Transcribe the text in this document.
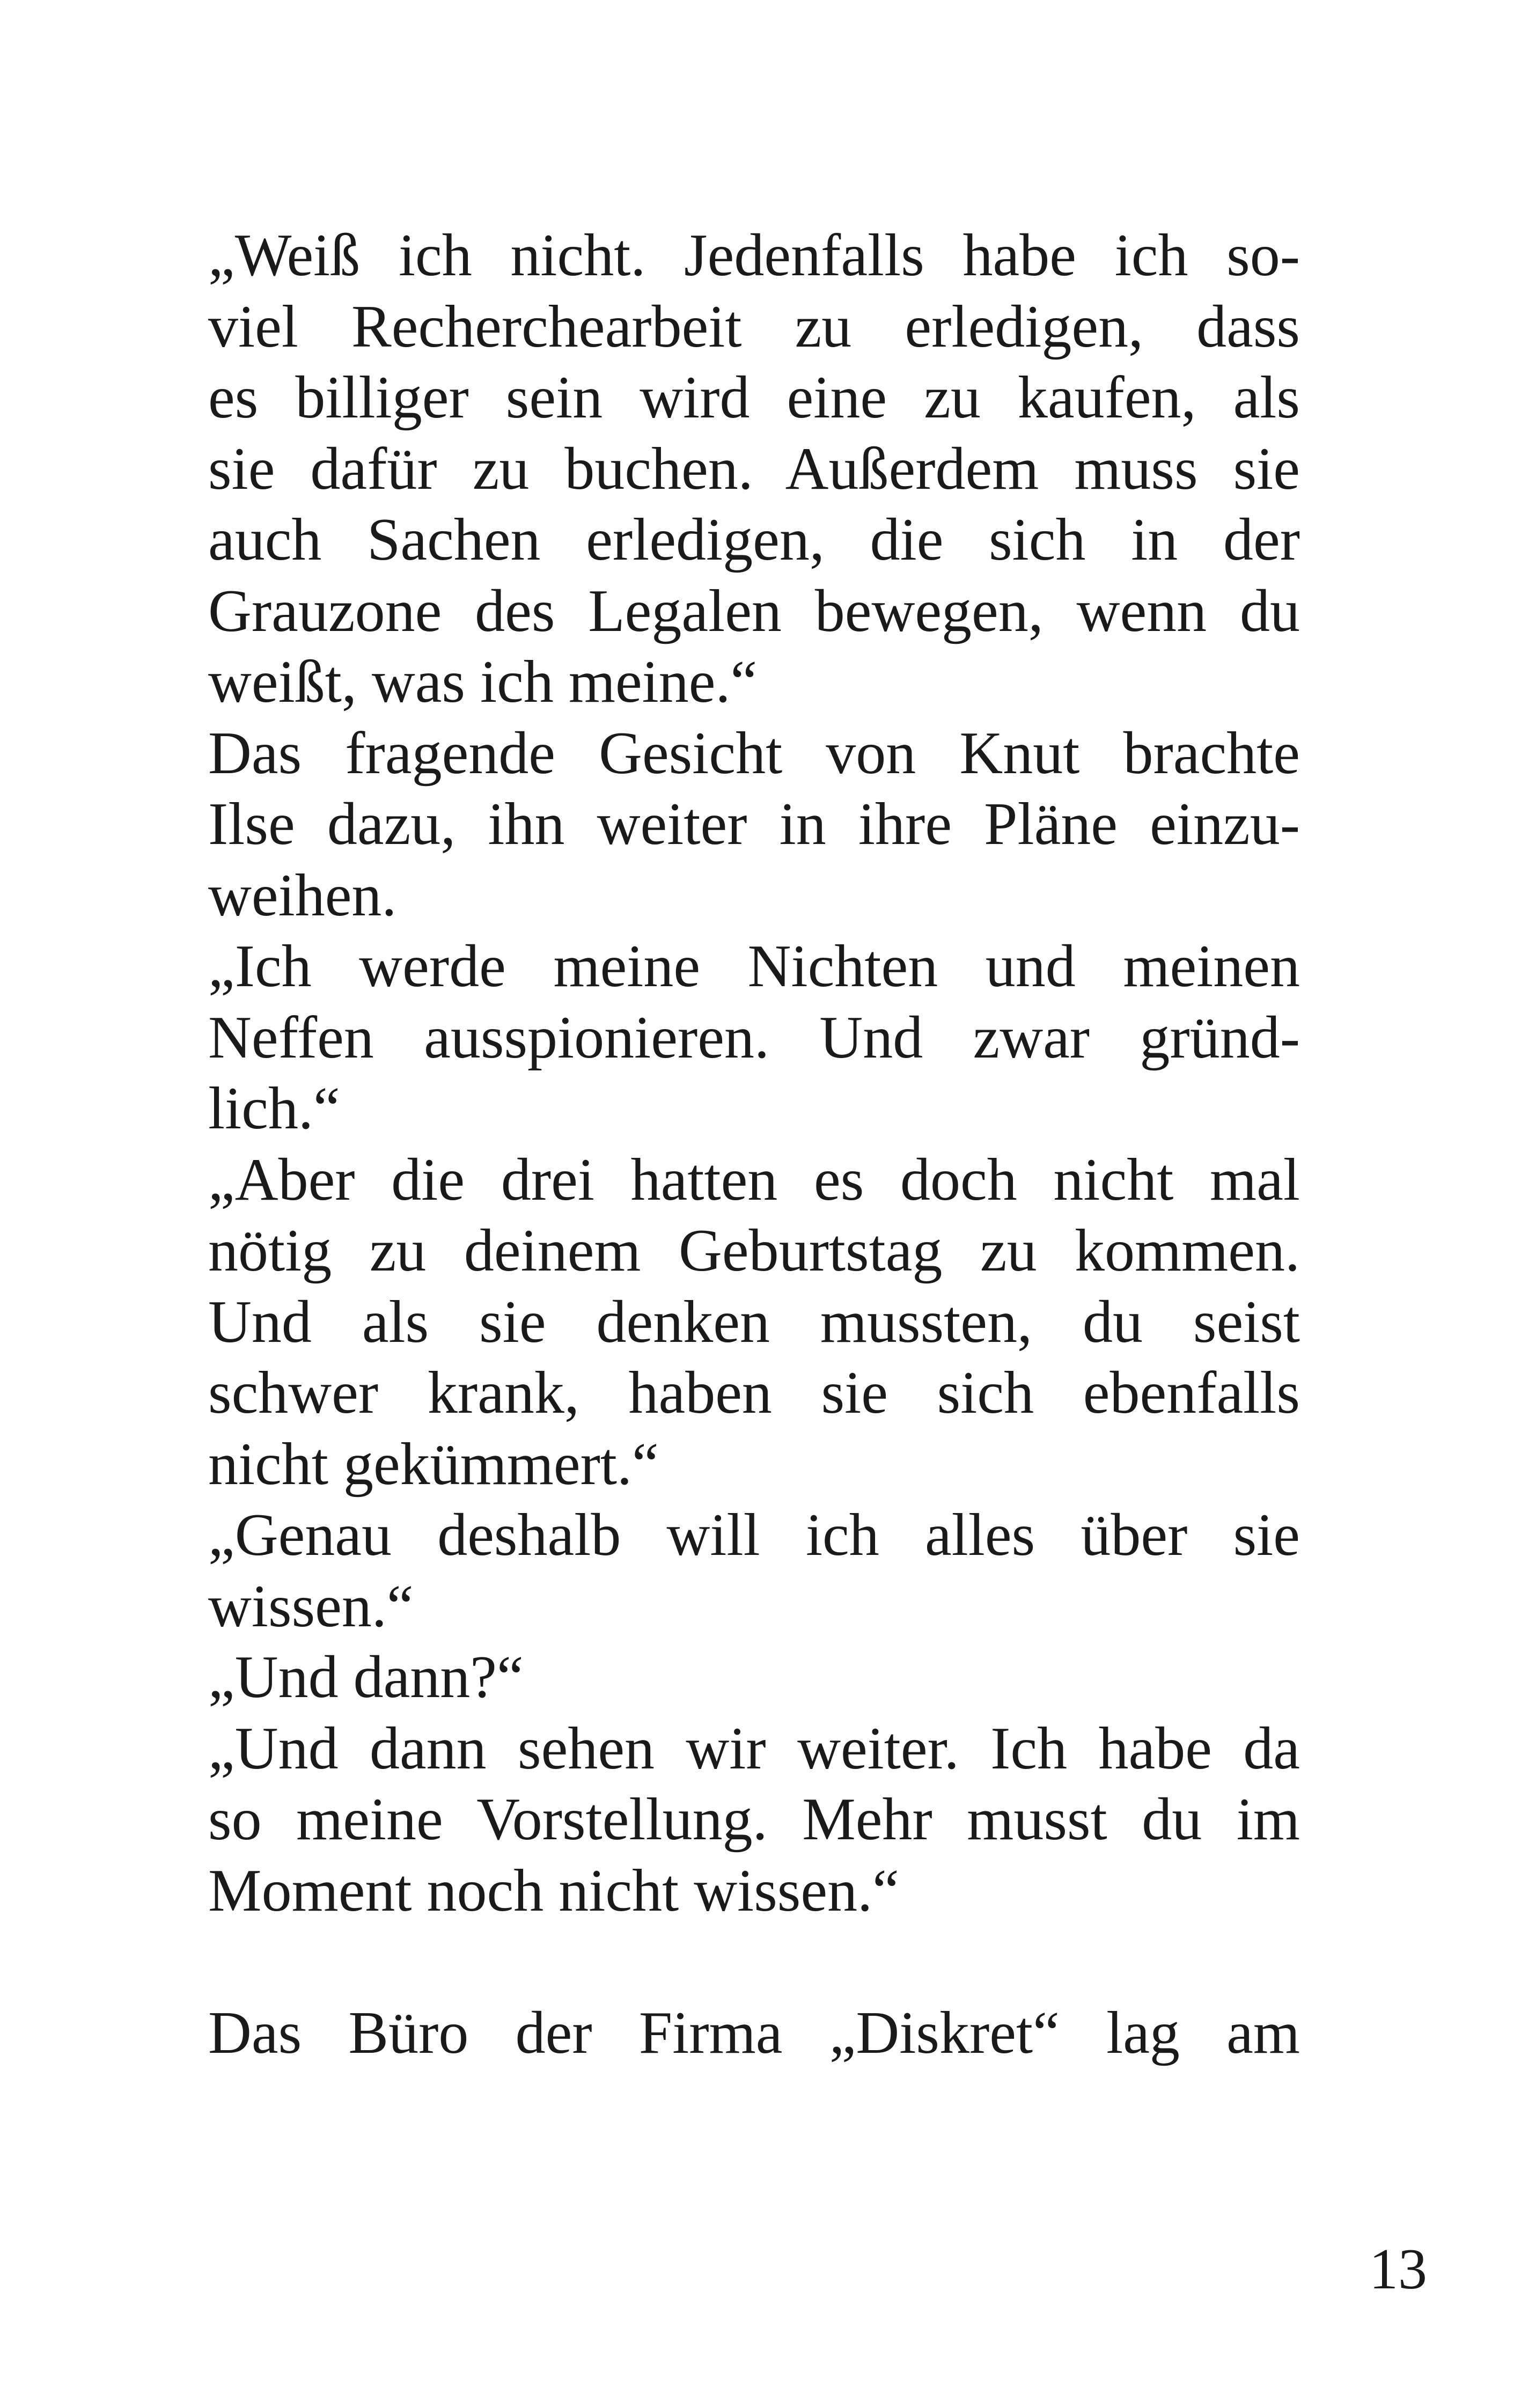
„Weiß ich nicht. Jedenfalls habe ich so-
viel Recherchearbeit zu erledigen, dass
es billiger sein wird eine zu kaufen, als
sie dafür zu buchen. Außerdem muss sie
auch Sachen erledigen, die sich in der
Grauzone des Legalen bewegen, wenn du
weißt, was ich meine.“
Das fragende Gesicht von Knut brachte
Ilse dazu, ihn weiter in ihre Pläne einzu-
weihen.
„Ich werde meine Nichten und meinen
Neffen ausspionieren. Und zwar gründ-
lich.“
„Aber die drei hatten es doch nicht mal
nötig zu deinem Geburtstag zu kommen.
Und als sie denken mussten, du seist
schwer krank, haben sie sich ebenfalls
nicht gekümmert.“
„Genau deshalb will ich alles über sie
wissen.“
„Und dann?“
„Und dann sehen wir weiter. Ich habe da
so meine Vorstellung. Mehr musst du im
Moment noch nicht wissen.“
Das Büro der Firma „Diskret“ lag am
13
